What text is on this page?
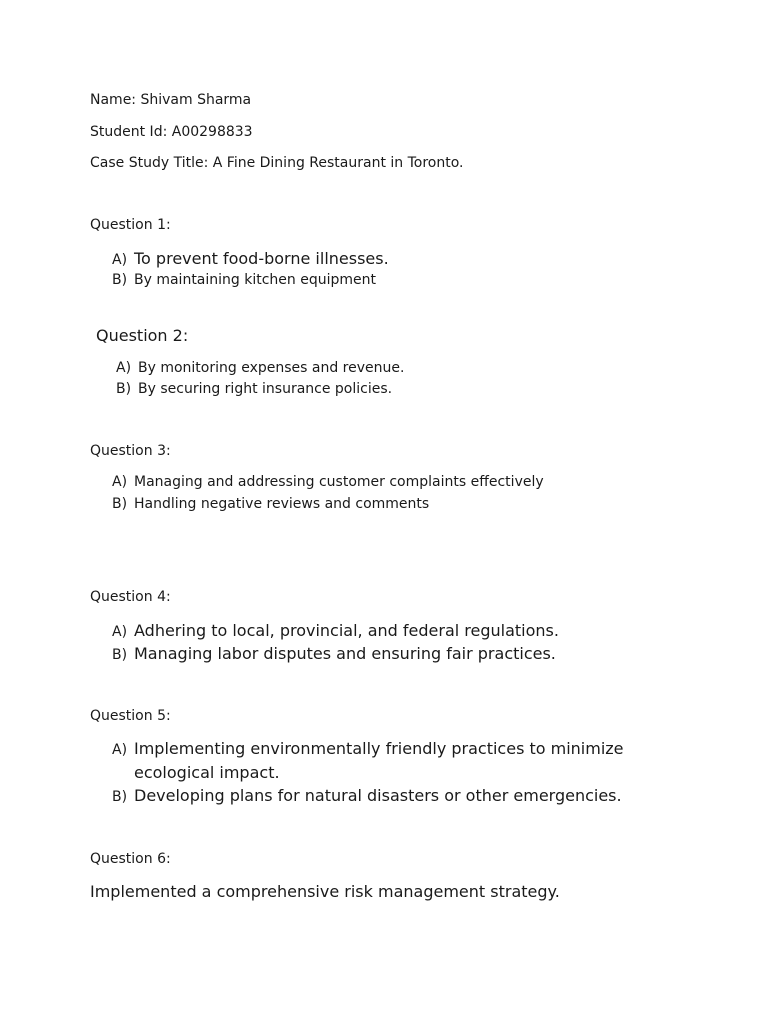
Name: Shivam Sharma
Student Id: A00298833
Case Study Title: A Fine Dining Restaurant in Toronto.
Question 1:
A) To prevent food-borne illnesses.
B) By maintaining kitchen equipment
Question 2:
A) By monitoring expenses and revenue.
B) By securing right insurance policies.
Question 3:
A) Managing and addressing customer complaints effectively
B) Handling negative reviews and comments
Question 4:
A) Adhering to local, provincial, and federal regulations.
B) Managing labor disputes and ensuring fair practices.
Question 5:
A) Implementing environmentally friendly practices to minimize ecological impact.
B) Developing plans for natural disasters or other emergencies.
Question 6:
Implemented a comprehensive risk management strategy.
